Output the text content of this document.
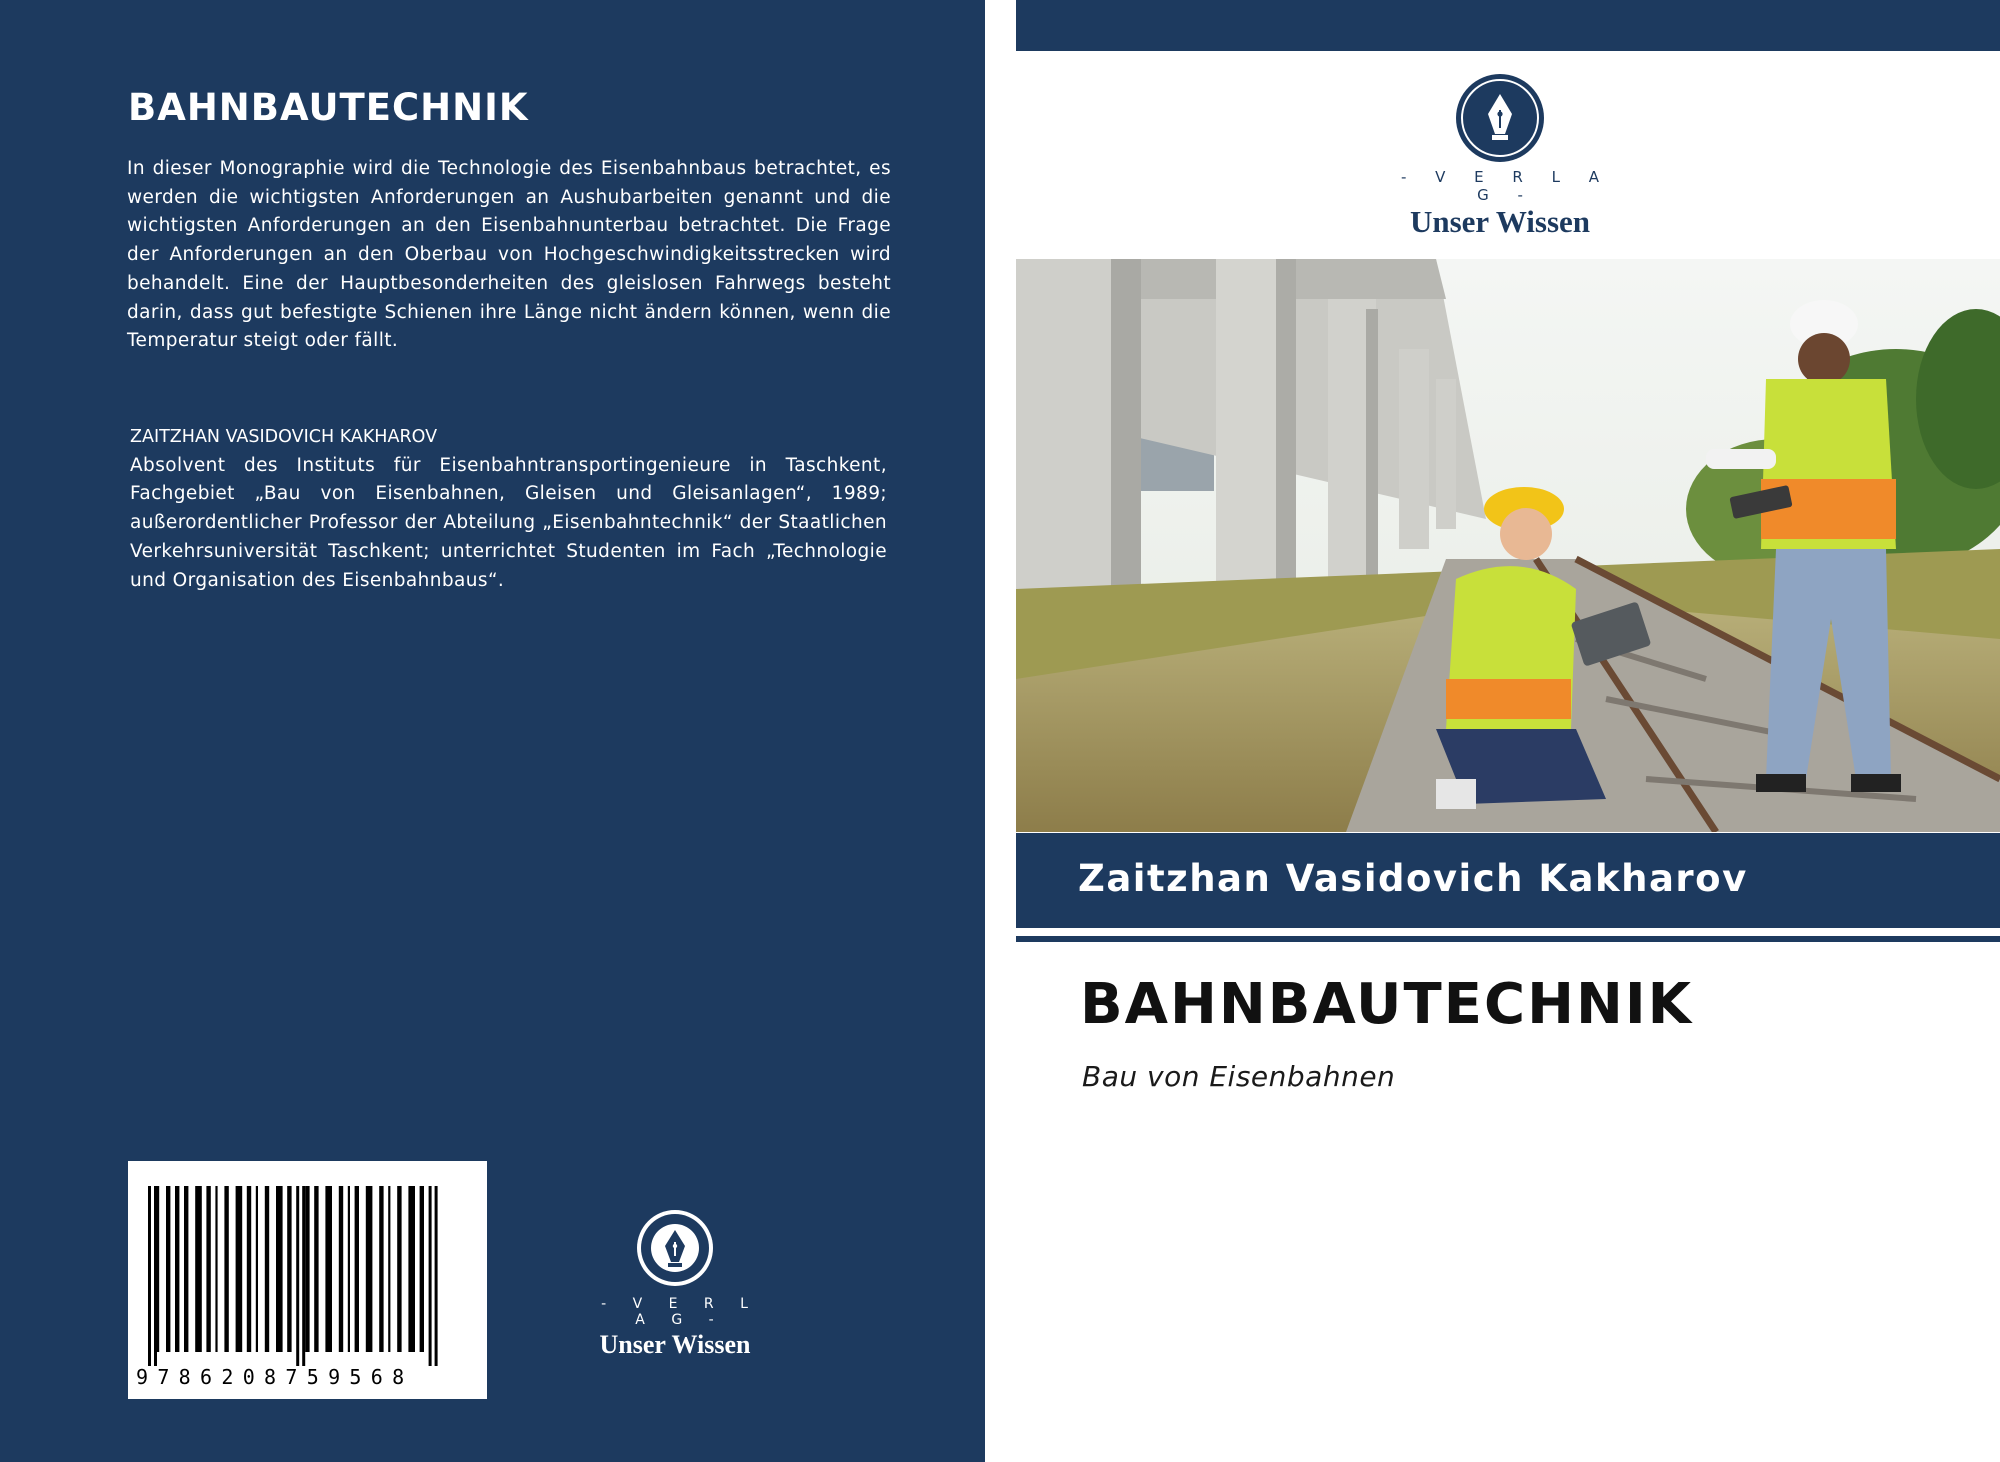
BAHNBAUTECHNIK

In dieser Monographie wird die Technologie des Eisenbahnbaus betrachtet, es werden die wichtigsten Anforderungen an Aushubarbeiten genannt und die wichtigsten Anforderungen an den Eisenbahnunterbau betrachtet. Die Frage der Anforderungen an den Oberbau von Hochgeschwindigkeitsstrecken wird behandelt. Eine der Hauptbesonderheiten des gleislosen Fahrwegs besteht darin, dass gut befestigte Schienen ihre Länge nicht ändern können, wenn die Temperatur steigt oder fällt.

ZAITZHAN VASIDOVICH KAKHAROV
Absolvent des Instituts für Eisenbahntransportingenieure in Taschkent, Fachgebiet „Bau von Eisenbahnen, Gleisen und Gleisanlagen“, 1989; außerordentlicher Professor der Abteilung „Eisenbahntechnik“ der Staatlichen Verkehrsuniversität Taschkent; unterrichtet Studenten im Fach „Technologie und Organisation des Eisenbahnbaus“.
9786208759568
- V E R L A G -
Unser Wissen
- V E R L A G -
Unser Wissen
Zaitzhan Vasidovich Kakharov
BAHNBAUTECHNIK
Bau von Eisenbahnen
